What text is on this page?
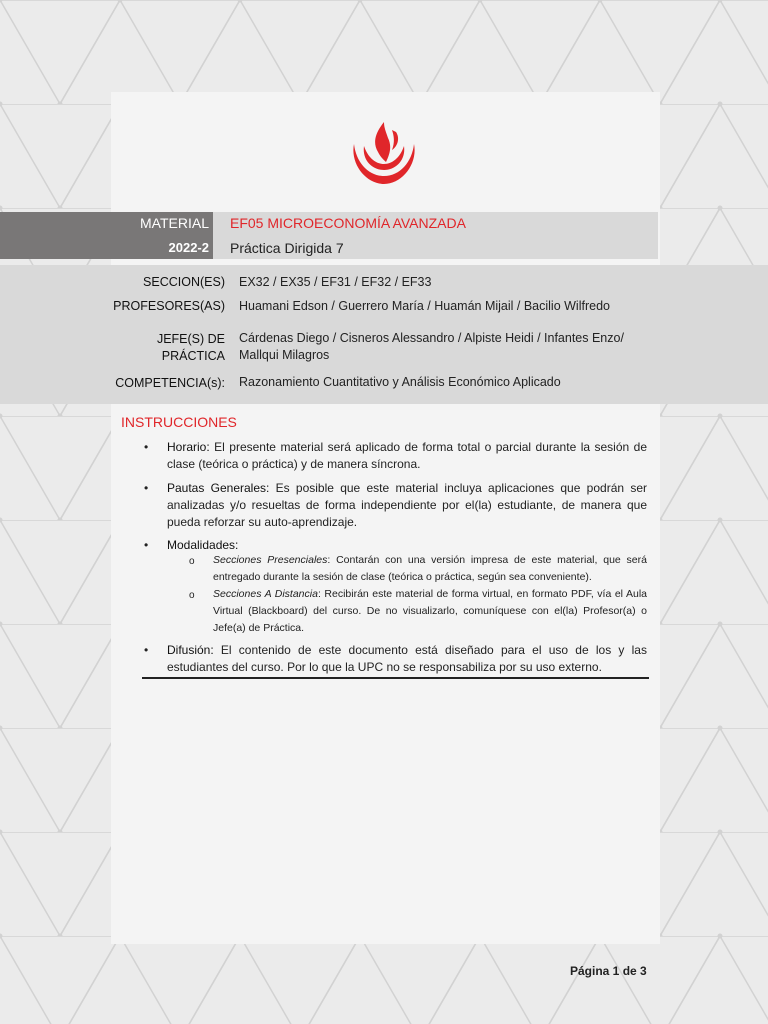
MATERIAL
2022-2
EF05 MICROECONOMÍA AVANZADA
Práctica Dirigida 7
SECCION(ES) EX32 / EX35 / EF31 / EF32 / EF33
PROFESORES(AS) Huamani Edson / Guerrero María / Huamán Mijail / Bacilio Wilfredo
JEFE(S) DE
PRÁCTICA
Cárdenas Diego / Cisneros Alessandro / Alpiste Heidi / Infantes Enzo/ Mallqui Milagros
COMPETENCIA(s): Razonamiento Cuantitativo y Análisis Económico Aplicado
INSTRUCCIONES
• Horario: El presente material será aplicado de forma total o parcial durante la sesión de clase (teórica o práctica) y de manera síncrona.
• Pautas Generales: Es posible que este material incluya aplicaciones que podrán ser analizadas y/o resueltas de forma independiente por el(la) estudiante, de manera que pueda reforzar su auto-aprendizaje.
• Modalidades:
o Secciones Presenciales: Contarán con una versión impresa de este material, que será entregado durante la sesión de clase (teórica o práctica, según sea conveniente).
o Secciones A Distancia: Recibirán este material de forma virtual, en formato PDF, vía el Aula Virtual (Blackboard) del curso. De no visualizarlo, comuníquese con el(la) Profesor(a) o Jefe(a) de Práctica.
• Difusión: El contenido de este documento está diseñado para el uso de los y las estudiantes del curso. Por lo que la UPC no se responsabiliza por su uso externo.
Página 1 de 3
